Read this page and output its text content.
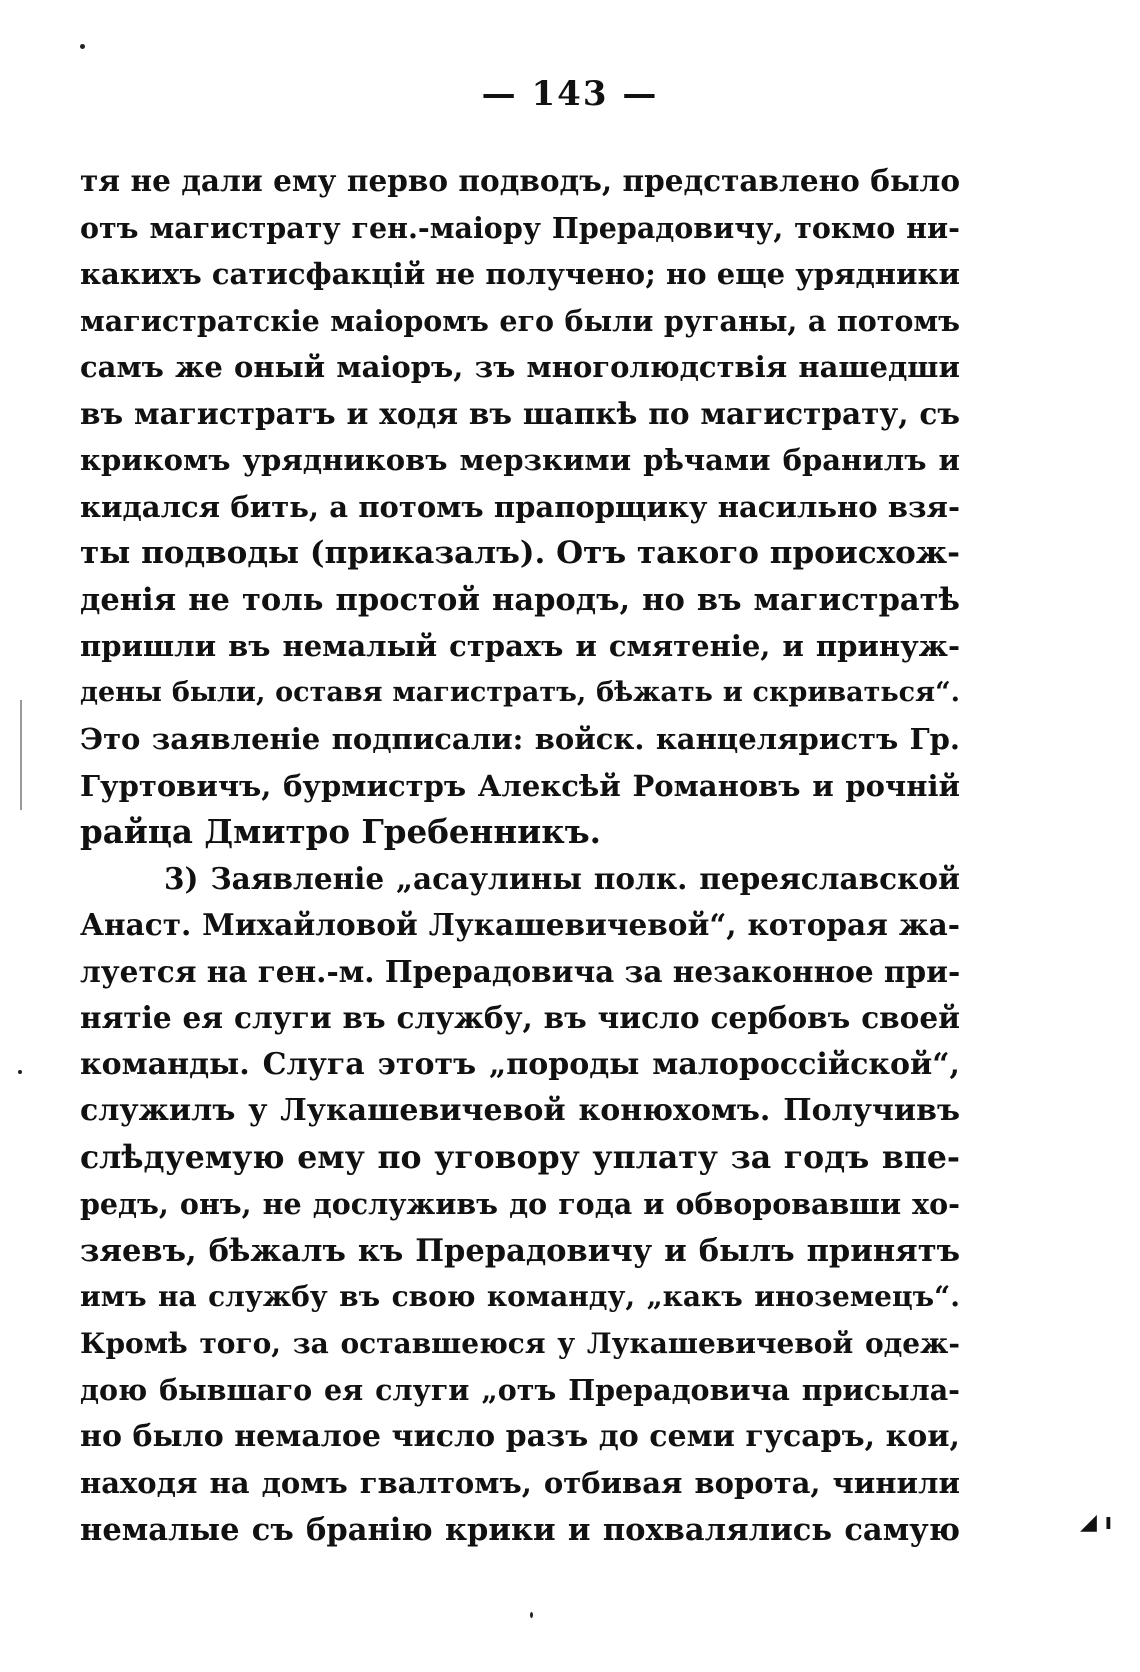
— 143 —
тя не дали ему перво подводъ, представлено было
отъ магистрату ген.-маіору Прерадовичу, токмо ни-
какихъ сатисфакцій не получено; но еще урядники
магистратскіе маіоромъ его были руганы, а потомъ
самъ же оный маіоръ, зъ многолюдствія нашедши
въ магистратъ и ходя въ шапкѣ по магистрату, съ
крикомъ урядниковъ мерзкими рѣчами бранилъ и
кидался бить, а потомъ прапорщику насильно взя-
ты подводы (приказалъ). Отъ такого происхож-
денія не толь простой народъ, но въ магистратѣ
пришли въ немалый страхъ и смятеніе, и принуж-
дены были, оставя магистратъ, бѣжать и скриваться“.
Это заявленіе подписали: войск. канцеляристъ Гр.
Гуртовичъ, бурмистръ Алексѣй Романовъ и рочній
райца Дмитро Гребенникъ.
3) Заявленіе „асаулины полк. переяславской
Анаст. Михайловой Лукашевичевой“, которая жа-
луется на ген.-м. Прерадовича за незаконное при-
нятіе ея слуги въ службу, въ число сербовъ своей
команды. Слуга этотъ „породы малороссійской“,
служилъ у Лукашевичевой конюхомъ. Получивъ
слѣдуемую ему по уговору уплату за годъ впе-
редъ, онъ, не дослуживъ до года и обворовавши хо-
зяевъ, бѣжалъ къ Прерадовичу и былъ принятъ
имъ на службу въ свою команду, „какъ иноземецъ“.
Кромѣ того, за оставшеюся у Лукашевичевой одеж-
дою бывшаго ея слуги „отъ Прерадовича присыла-
но было немалое число разъ до семи гусаръ, кои,
находя на домъ гвалтомъ, отбивая ворота, чинили
немалые съ бранію крики и похвалялись самую	◢ ı
